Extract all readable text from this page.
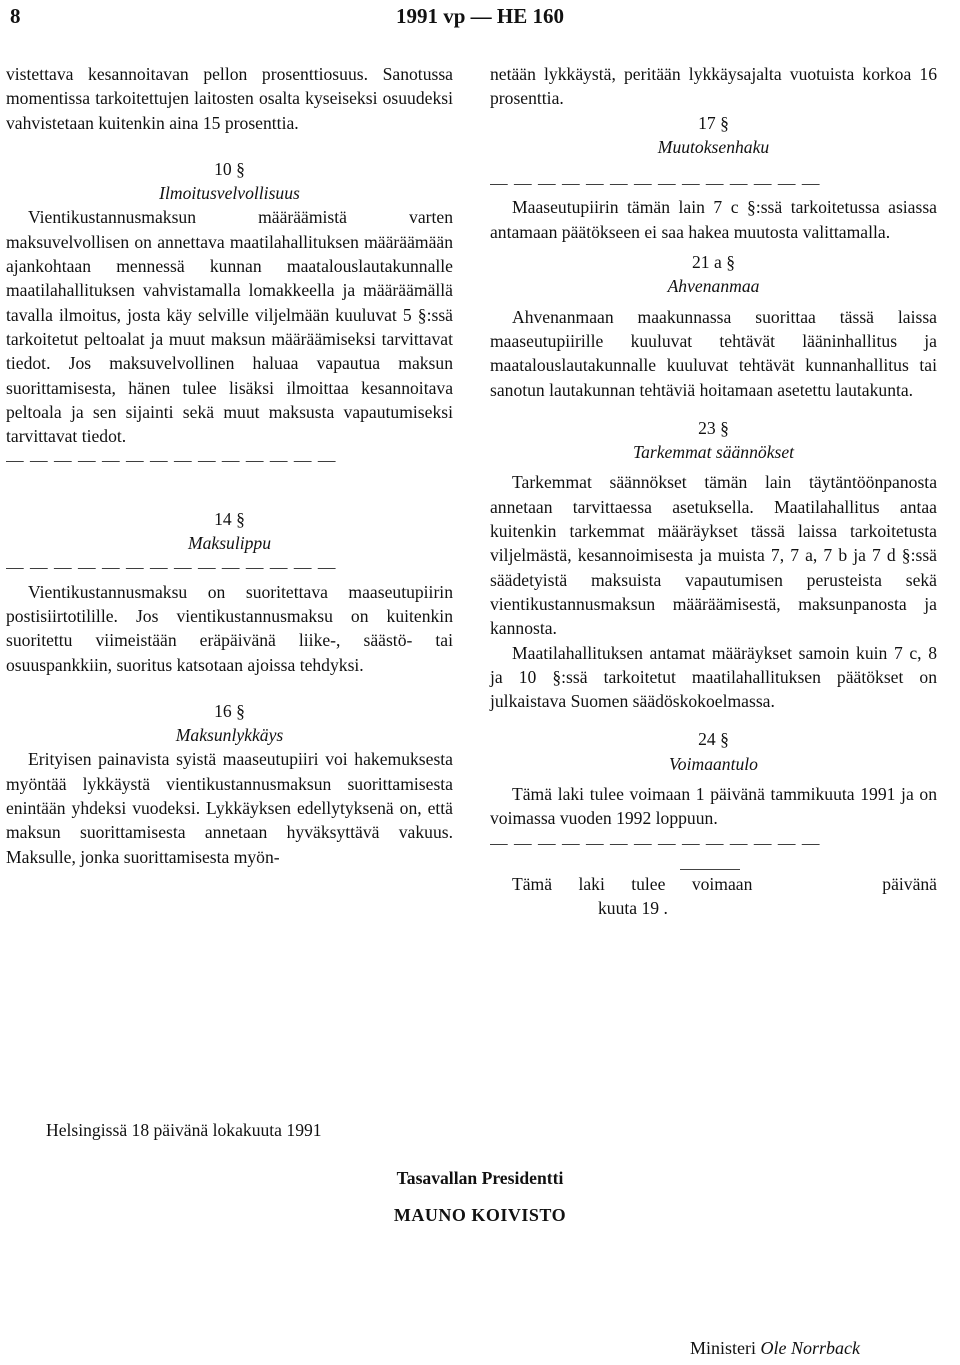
8	1991 vp — HE 160

vistettava kesannoitavan pellon prosenttiosuus. Sanotussa momentissa tarkoitettujen laitosten osalta kyseiseksi osuudeksi vahvistetaan kuitenkin aina 15 prosenttia.

10 §

Ilmoitusvelvollisuus

Vientikustannusmaksun määräämistä varten maksuvelvollisen on annettava maatilahallituksen määräämään ajankohtaan mennessä kunnan maatalouslautakunnalle maatilahallituksen vahvistamalla lomakkeella ja määräämällä tavalla ilmoitus, josta käy selville viljelmään kuuluvat 5 §:ssä tarkoitetut peltoalat ja muut maksun määräämiseksi tarvittavat tiedot. Jos maksuvelvollinen haluaa vapautua maksun suorittamisesta, hänen tulee lisäksi ilmoittaa kesannoitava peltoala ja sen sijainti sekä muut maksusta vapautumiseksi tarvittavat tiedot.

— — — — — — — — — — — — — —

14 §

Maksulippu

— — — — — — — — — — — — — —

Vientikustannusmaksu on suoritettava maaseutupiirin postisiirtotilille. Jos vientikustannusmaksu on kuitenkin suoritettu viimeistään eräpäivänä liike-, säästö- tai osuuspankkiin, suoritus katsotaan ajoissa tehdyksi.

16 §

Maksunlykkäys

Erityisen painavista syistä maaseutupiiri voi hakemuksesta myöntää lykkäystä vientikustannusmaksun suorittamisesta enintään yhdeksi vuodeksi. Lykkäyksen edellytyksenä on, että maksun suorittamisesta annetaan hyväksyttävä vakuus. Maksulle, jonka suorittamisesta myön-

netään lykkäystä, peritään lykkäysajalta vuotuista korkoa 16 prosenttia.

17 §

Muutoksenhaku

— — — — — — — — — — — — — —

Maaseutupiirin tämän lain 7 c §:ssä tarkoitetussa asiassa antamaan päätökseen ei saa hakea muutosta valittamalla.

21 a §

Ahvenanmaa

Ahvenanmaan maakunnassa suorittaa tässä laissa maaseutupiirille kuuluvat tehtävät lääninhallitus ja maatalouslautakunnalle kuuluvat tehtävät kunnanhallitus tai sanotun lautakunnan tehtäviä hoitamaan asetettu lautakunta.

23 §

Tarkemmat säännökset

Tarkemmat säännökset tämän lain täytäntöönpanosta annetaan tarvittaessa asetuksella. Maatilahallitus antaa kuitenkin tarkemmat määräykset tässä laissa tarkoitetusta viljelmästä, kesannoimisesta ja muista 7, 7 a, 7 b ja 7 d §:ssä säädetyistä maksuista vapautumisen perusteista sekä vientikustannusmaksun määräämisestä, maksunpanosta ja kannosta.

Maatilahallituksen antamat määräykset samoin kuin 7 c, 8 ja 10 §:ssä tarkoitetut maatilahallituksen päätökset on julkaistava Suomen säädöskokoelmassa.

24 §

Voimaantulo

Tämä laki tulee voimaan 1 päivänä tammikuuta 1991 ja on voimassa vuoden 1992 loppuun.

— — — — — — — — — — — — — —

Tämä laki tulee voimaan	päivänä
kuuta 19 .
Helsingissä 18 päivänä lokakuuta 1991
Tasavallan Presidentti
MAUNO KOIVISTO
Ministeri Ole Norrback
